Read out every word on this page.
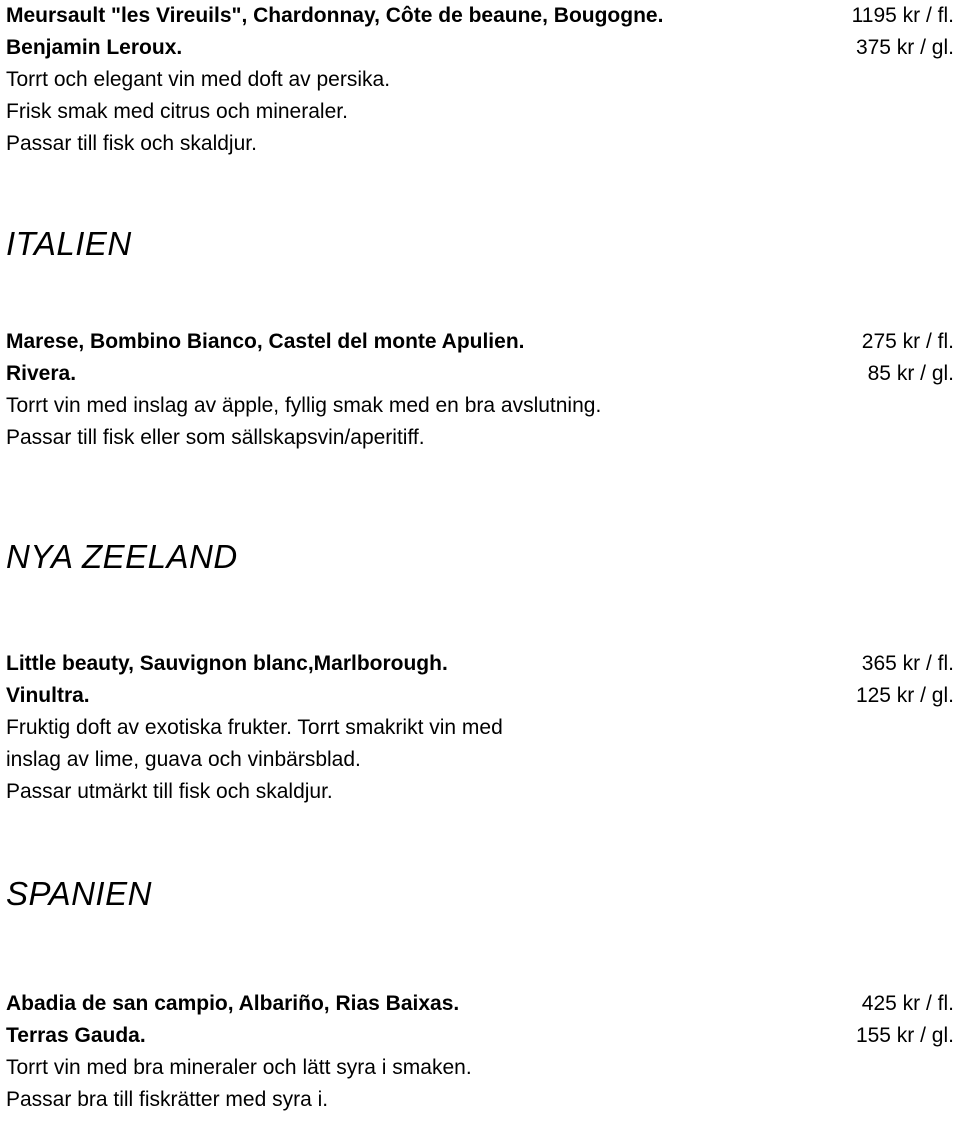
Meursault "les Vireuils", Chardonnay, Côte de beaune, Bougogne.
Benjamin Leroux.
Torrt och elegant vin med doft av persika.
Frisk smak med citrus och mineraler.
Passar till fisk och skaldjur.
1195 kr / fl.
375 kr / gl.
ITALIEN
Marese, Bombino Bianco, Castel del monte Apulien.
Rivera.
Torrt vin med inslag av äpple, fyllig smak med en bra avslutning.
Passar till fisk eller som sällskapsvin/aperitiff.
275 kr / fl.
85 kr / gl.
NYA ZEELAND
Little beauty, Sauvignon blanc,Marlborough.
Vinultra.
Fruktig doft av exotiska frukter. Torrt smakrikt vin med
inslag av lime, guava och vinbärsblad.
Passar utmärkt till fisk och skaldjur.
365 kr / fl.
125 kr / gl.
SPANIEN
Abadia de san campio, Albariño, Rias Baixas.
Terras Gauda.
Torrt vin med bra mineraler och lätt syra i smaken.
Passar bra till fiskrätter med syra i.
425 kr / fl.
155 kr / gl.
